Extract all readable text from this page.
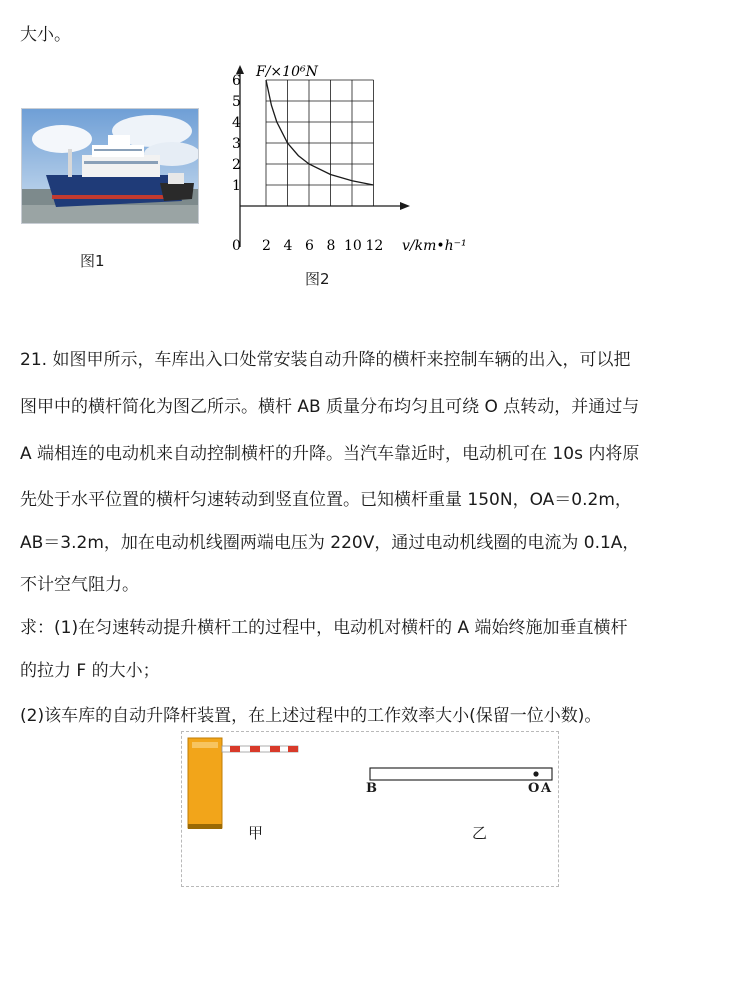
大小。
图1
F/×10⁶N
v/km•h⁻¹
0
1
2
3
4
5
6
2 4 6 8 10 12
图2
21. 如图甲所示，车库出入口处常安装自动升降的横杆来控制车辆的出入，可以把
图甲中的横杆简化为图乙所示。横杆 AB 质量分布均匀且可绕 O 点转动，并通过与
A 端相连的电动机来自动控制横杆的升降。当汽车靠近时，电动机可在 10s 内将原
先处于水平位置的横杆匀速转动到竖直位置。已知横杆重量 150N，OA＝0.2m，
AB＝3.2m，加在电动机线圈两端电压为 220V，通过电动机线圈的电流为 0.1A，
不计空气阻力。
求：(1)在匀速转动提升横杆工的过程中，电动机对横杆的 A 端始终施加垂直横杆
的拉力 F 的大小；
(2)该车库的自动升降杆装置，在上述过程中的工作效率大小(保留一位小数)。
B	O A
甲	乙
